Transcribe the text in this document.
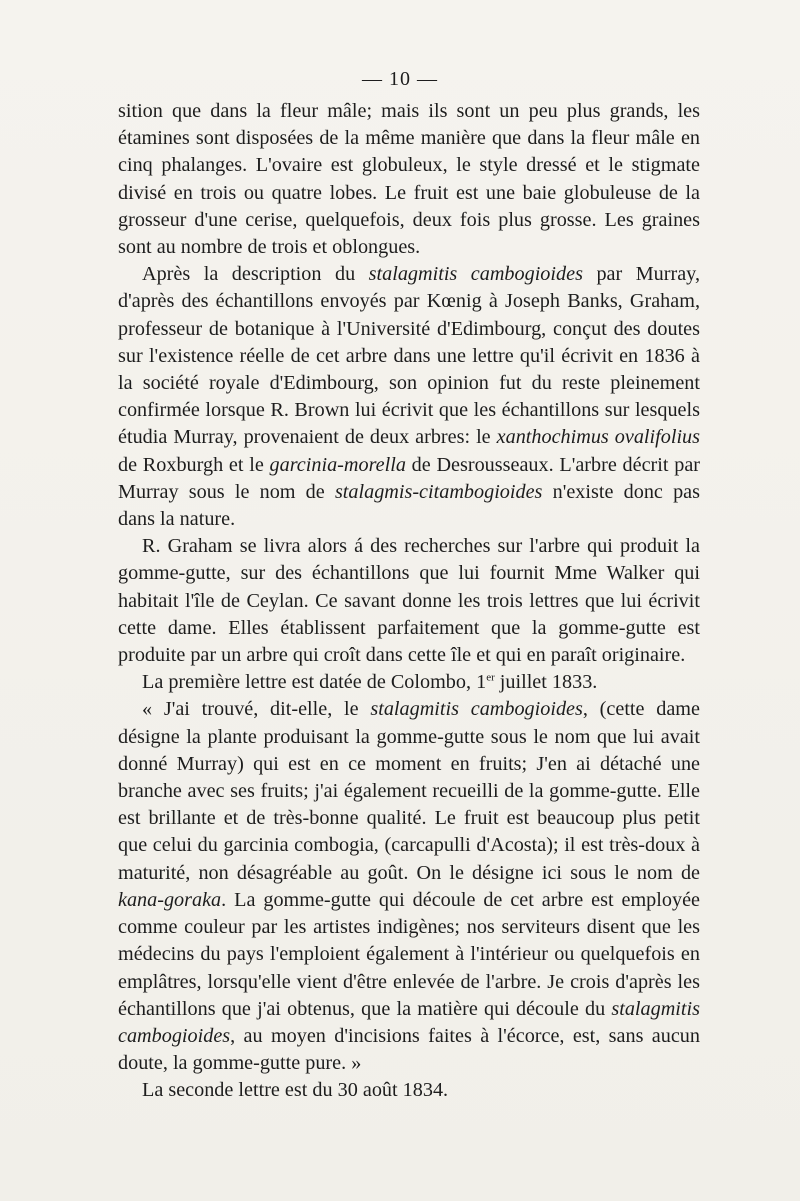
— 10 —

sition que dans la fleur mâle; mais ils sont un peu plus grands, les étamines sont disposées de la même manière que dans la fleur mâle en cinq phalanges. L'ovaire est globuleux, le style dressé et le stigmate divisé en trois ou quatre lobes. Le fruit est une baie globuleuse de la grosseur d'une cerise, quelquefois, deux fois plus grosse. Les graines sont au nombre de trois et oblongues.

Après la description du stalagmitis cambogioides par Murray, d'après des échantillons envoyés par Kœnig à Joseph Banks, Graham, professeur de botanique à l'Université d'Edimbourg, conçut des doutes sur l'existence réelle de cet arbre dans une lettre qu'il écrivit en 1836 à la société royale d'Edimbourg, son opinion fut du reste pleinement confirmée lorsque R. Brown lui écrivit que les échantillons sur lesquels étudia Murray, provenaient de deux arbres: le xanthochimus ovalifolius de Roxburgh et le garcinia-morella de Desrousseaux. L'arbre décrit par Murray sous le nom de stalagmis-citambogioides n'existe donc pas dans la nature.

R. Graham se livra alors á des recherches sur l'arbre qui produit la gomme-gutte, sur des échantillons que lui fournit Mme Walker qui habitait l'île de Ceylan. Ce savant donne les trois lettres que lui écrivit cette dame. Elles établissent parfaitement que la gomme-gutte est produite par un arbre qui croît dans cette île et qui en paraît originaire.

La première lettre est datée de Colombo, 1er juillet 1833.

« J'ai trouvé, dit-elle, le stalagmitis cambogioides, (cette dame désigne la plante produisant la gomme-gutte sous le nom que lui avait donné Murray) qui est en ce moment en fruits; J'en ai détaché une branche avec ses fruits; j'ai également recueilli de la gomme-gutte. Elle est brillante et de très-bonne qualité. Le fruit est beaucoup plus petit que celui du garcinia combogia, (carcapulli d'Acosta); il est très-doux à maturité, non désagréable au goût. On le désigne ici sous le nom de kana-goraka. La gomme-gutte qui découle de cet arbre est employée comme couleur par les artistes indigènes; nos serviteurs disent que les médecins du pays l'emploient également à l'intérieur ou quelquefois en emplâtres, lorsqu'elle vient d'être enlevée de l'arbre. Je crois d'après les échantillons que j'ai obtenus, que la matière qui découle du stalagmitis cambogioides, au moyen d'incisions faites à l'écorce, est, sans aucun doute, la gomme-gutte pure. »

La seconde lettre est du 30 août 1834.
